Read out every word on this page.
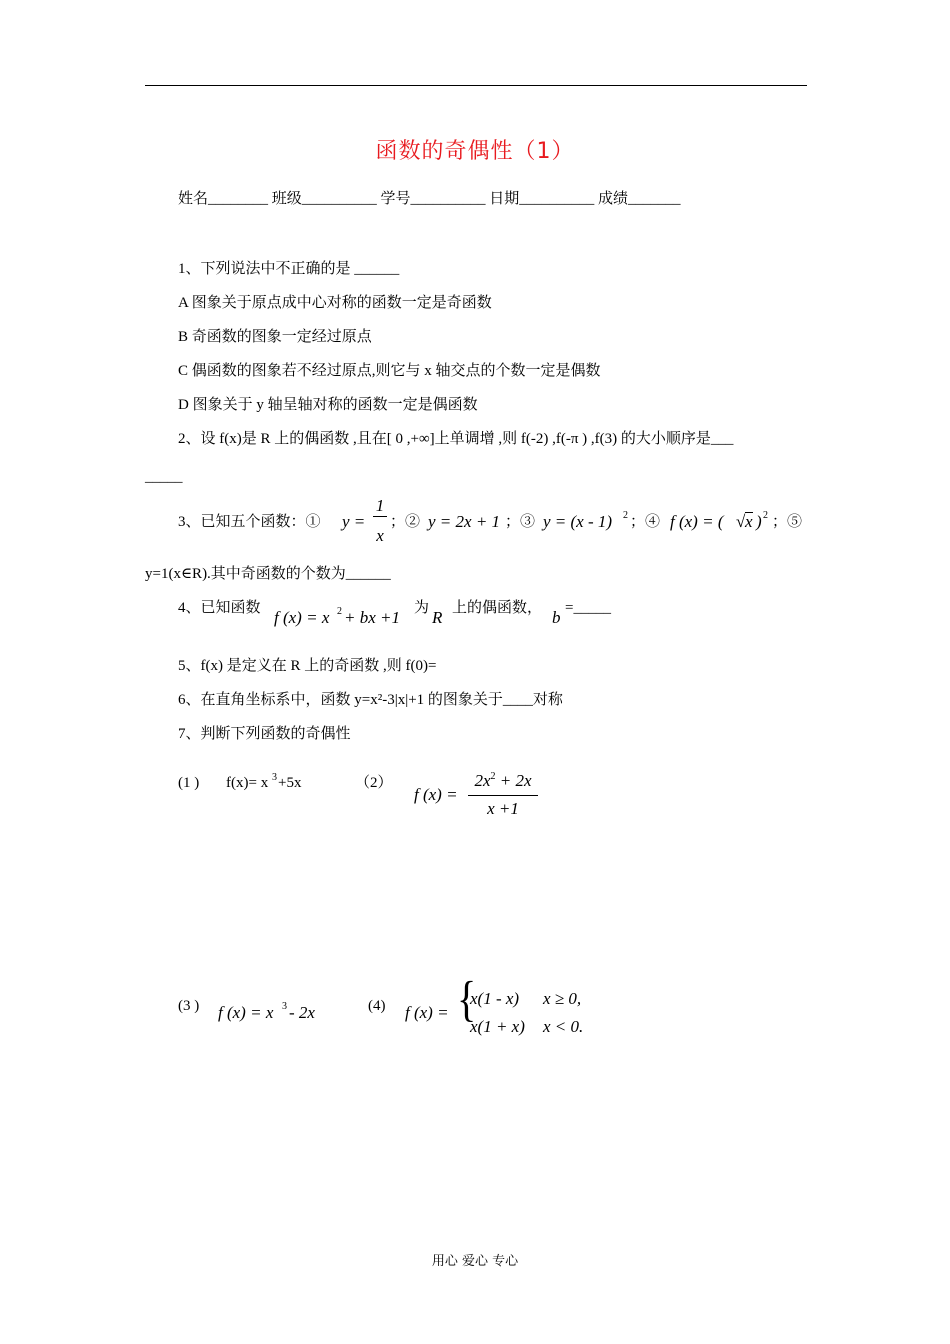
函数的奇偶性（1）
姓名________ 班级__________ 学号__________ 日期__________ 成绩_______
1、下列说法中不正确的是 ______
A 图象关于原点成中心对称的函数一定是奇函数
B 奇函数的图象一定经过原点
C 偶函数的图象若不经过原点,则它与 x 轴交点的个数一定是偶数
D 图象关于 y 轴呈轴对称的函数一定是偶函数
2、设 f(x)是 R 上的偶函数 ,且在[ 0 ,+∞]上单调增 ,则 f(-2) ,f(-π ) ,f(3) 的大小顺序是___
_____
3、已知五个函数：① y =
1
x
；② y = 2x + 1 ；③ y = (x - 1) 2 ；④ f (x) = ( √ x ) 2 ；⑤
y=1(x∈R).其中奇函数的个数为______
4、已知函数 f (x) = x 2 + bx +1 为 R 上的偶函数， b =_____
5、f(x) 是定义在 R 上的奇函数 ,则 f(0)=
6、在直角坐标系中，函数 y=x²-3|x|+1 的图象关于____对称
7、判断下列函数的奇偶性
(1 ) f(x)= x 3 +5x	（2）
f (x) =
$2x^2 + 2x$
x +1
(3 ) f (x) = x 3 - 2x	(4) f (x) = {
x(1 - x) x ≥ 0,
x(1 + x) x < 0.
用心 爱心 专心
